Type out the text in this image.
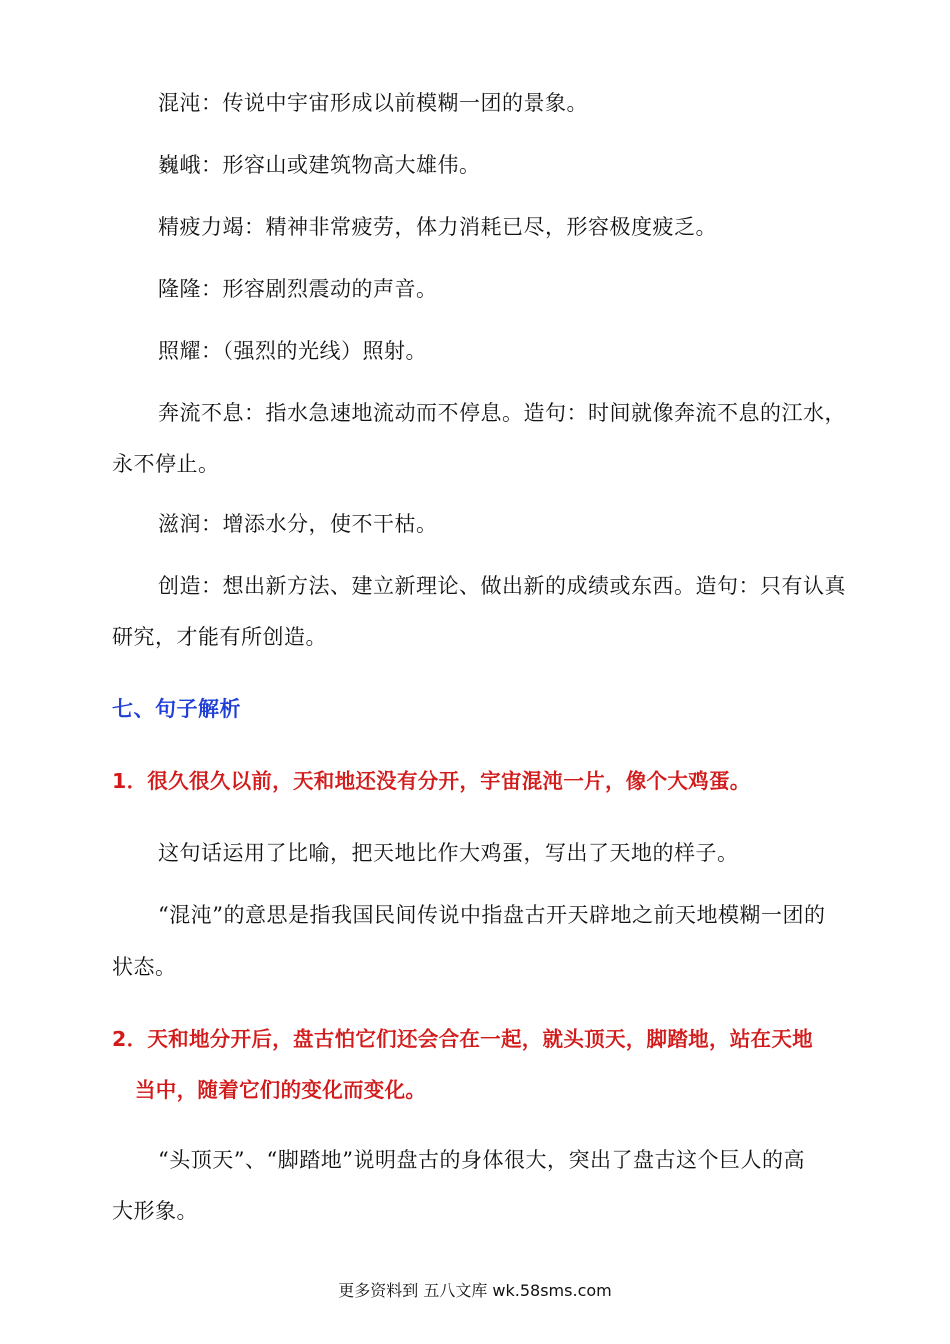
混沌：传说中宇宙形成以前模糊一团的景象。
巍峨：形容山或建筑物高大雄伟。
精疲力竭：精神非常疲劳，体力消耗已尽，形容极度疲乏。
隆隆：形容剧烈震动的声音。
照耀：（强烈的光线）照射。
奔流不息：指水急速地流动而不停息。造句：时间就像奔流不息的江水，
永不停止。
滋润：增添水分，使不干枯。
创造：想出新方法、建立新理论、做出新的成绩或东西。造句：只有认真
研究，才能有所创造。
七、句子解析
1．很久很久以前，天和地还没有分开，宇宙混沌一片，像个大鸡蛋。
这句话运用了比喻，把天地比作大鸡蛋，写出了天地的样子。
“混沌”的意思是指我国民间传说中指盘古开天辟地之前天地模糊一团的
状态。
2．天和地分开后，盘古怕它们还会合在一起，就头顶天，脚踏地，站在天地
当中，随着它们的变化而变化。
“头顶天”、“脚踏地”说明盘古的身体很大，突出了盘古这个巨人的高
大形象。
更多资料到 五八文库 wk.58sms.com
